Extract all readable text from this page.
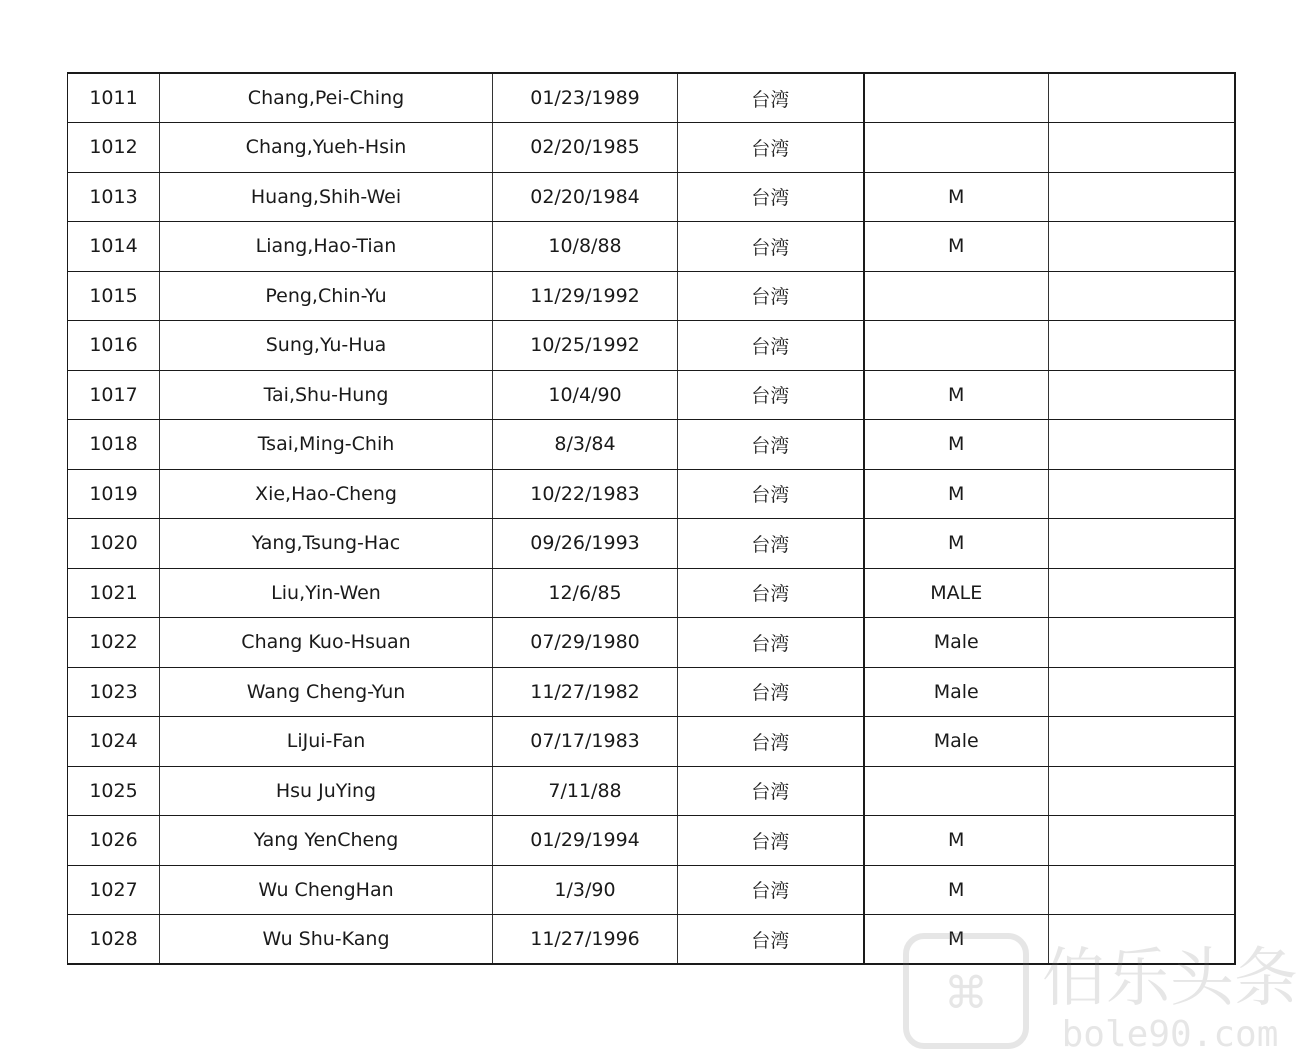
1011	Chang,Pei-Ching	01/23/1989	台湾		
1012	Chang,Yueh-Hsin	02/20/1985	台湾		
1013	Huang,Shih-Wei	02/20/1984	台湾	M	
1014	Liang,Hao-Tian	10/8/88	台湾	M	
1015	Peng,Chin-Yu	11/29/1992	台湾		
1016	Sung,Yu-Hua	10/25/1992	台湾		
1017	Tai,Shu-Hung	10/4/90	台湾	M	
1018	Tsai,Ming-Chih	8/3/84	台湾	M	
1019	Xie,Hao-Cheng	10/22/1983	台湾	M	
1020	Yang,Tsung-Hac	09/26/1993	台湾	M	
1021	Liu,Yin-Wen	12/6/85	台湾	MALE	
1022	Chang Kuo-Hsuan	07/29/1980	台湾	Male	
1023	Wang Cheng-Yun	11/27/1982	台湾	Male	
1024	LiJui-Fan	07/17/1983	台湾	Male	
1025	Hsu JuYing	7/11/88	台湾		
1026	Yang YenCheng	01/29/1994	台湾	M	
1027	Wu ChengHan	1/3/90	台湾	M	
1028	Wu Shu-Kang	11/27/1996	台湾	M	
⌘ 伯乐头条
bole90.com
